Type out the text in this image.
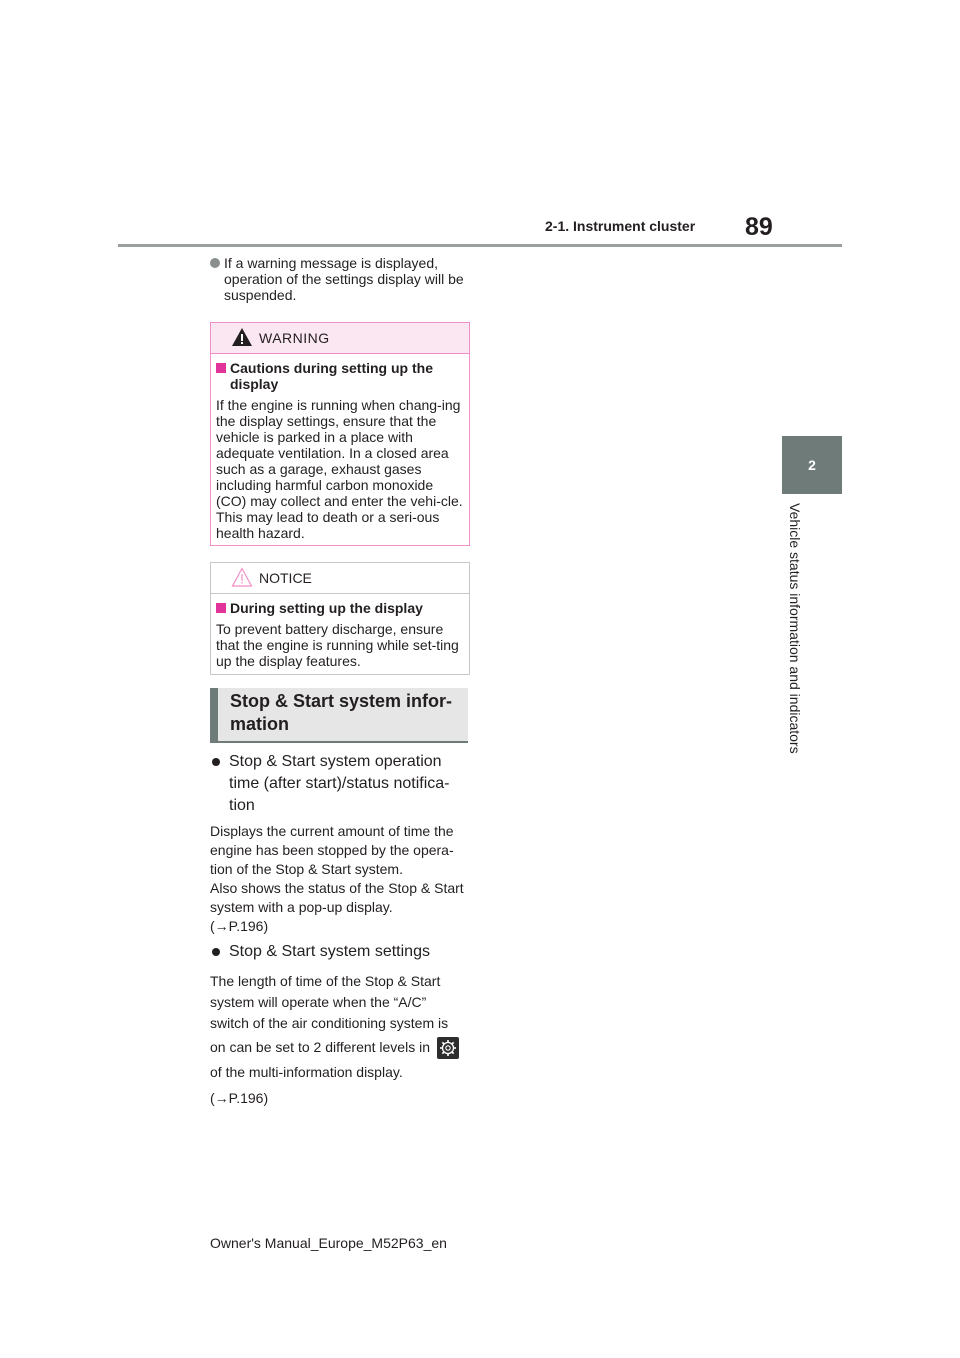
2-1. Instrument cluster 89
2
Vehicle status information and indicators
If a warning message is displayed, operation of the settings display will be suspended.
WARNING
Cautions during setting up the display
If the engine is running when chang-ing the display settings, ensure that the vehicle is parked in a place with adequate ventilation. In a closed area such as a garage, exhaust gases including harmful carbon monoxide (CO) may collect and enter the vehi-cle. This may lead to death or a seri-ous health hazard.
NOTICE
During setting up the display
To prevent battery discharge, ensure that the engine is running while set-ting up the display features.
Stop & Start system infor-mation
Stop & Start system operation time (after start)/status notifica-tion
Displays the current amount of time the engine has been stopped by the opera-tion of the Stop & Start system.
Also shows the status of the Stop & Start system with a pop-up display.
(→P.196)
Stop & Start system settings
The length of time of the Stop & Start
system will operate when the “A/C”
switch of the air conditioning system is
on can be set to 2 different levels in
of the multi-information display.
(→P.196)
Owner's Manual_Europe_M52P63_en
